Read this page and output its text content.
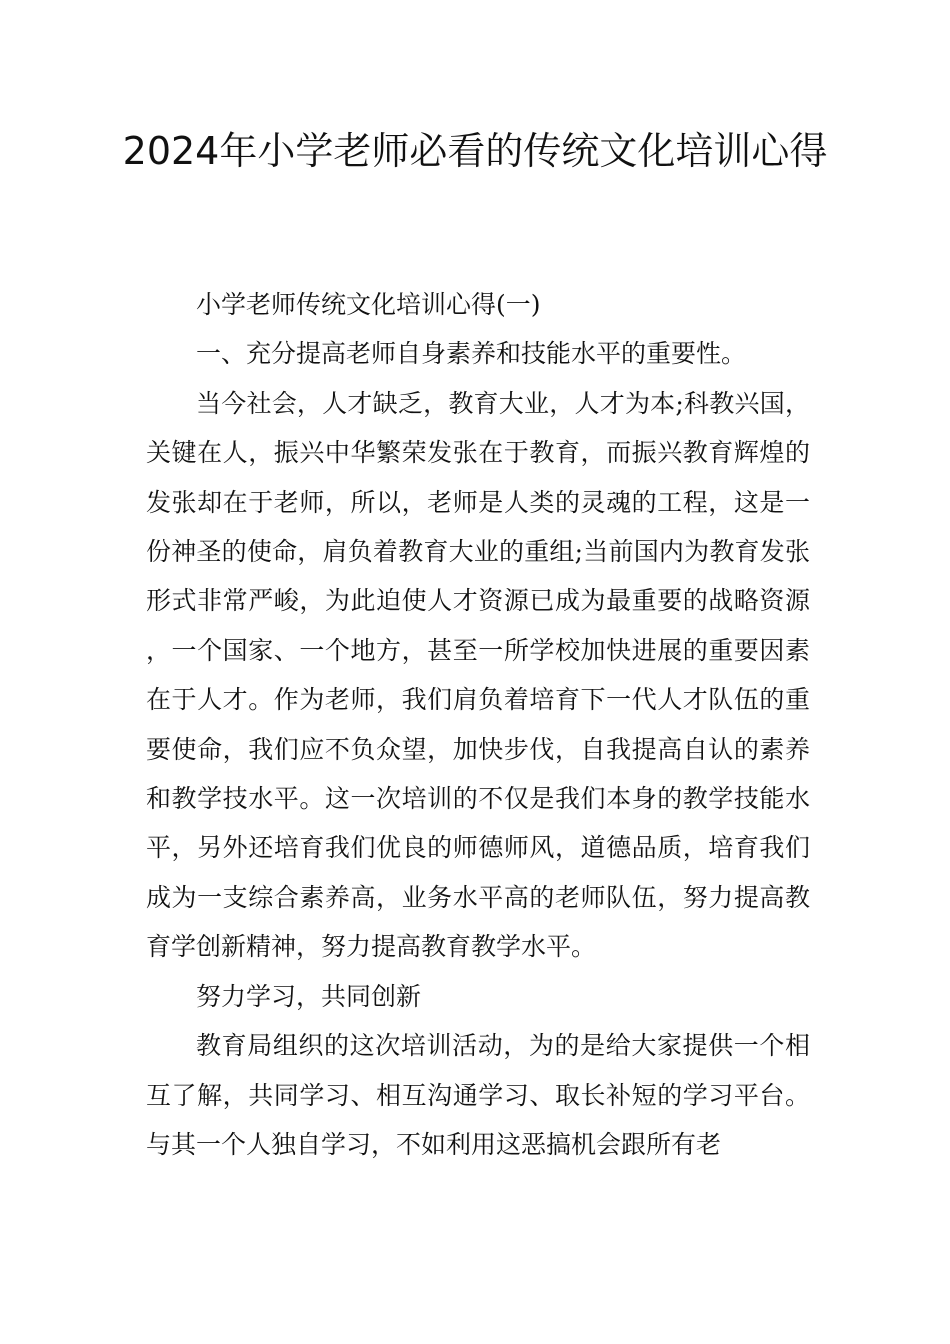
2024年小学老师必看的传统文化培训心得

小学老师传统文化培训心得(一)

一、充分提高老师自身素养和技能水平的重要性。

当今社会，人才缺乏，教育大业，人才为本;科教兴国，关键在人，振兴中华繁荣发张在于教育，而振兴教育辉煌的发张却在于老师，所以，老师是人类的灵魂的工程，这是一份神圣的使命，肩负着教育大业的重组;当前国内为教育发张形式非常严峻，为此迫使人才资源已成为最重要的战略资源，一个国家、一个地方，甚至一所学校加快进展的重要因素在于人才。作为老师，我们肩负着培育下一代人才队伍的重要使命，我们应不负众望，加快步伐，自我提高自认的素养和教学技水平。这一次培训的不仅是我们本身的教学技能水平，另外还培育我们优良的师德师风，道德品质，培育我们成为一支综合素养高，业务水平高的老师队伍，努力提高教育学创新精神，努力提高教育教学水平。

努力学习，共同创新

教育局组织的这次培训活动，为的是给大家提供一个相互了解，共同学习、相互沟通学习、取长补短的学习平台。与其一个人独自学习，不如利用这恶搞机会跟所有老
